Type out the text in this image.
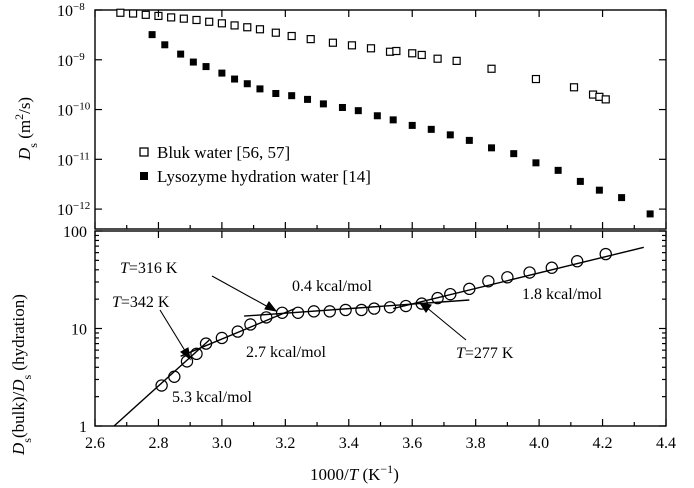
$10^{-8}$
$10^{-9}$
$10^{-10}$
$10^{-11}$
$10^{-12}$
$D_s$ $(m^2/s)$
Bluk water [56, 57]
Lysozyme hydration water [14]
1
10
100
2.6	2.8	3.0	3.2	3.4	3.6	3.8	4.0	4.2	4.4
$D_s(bulk)/D_s$ (hydration)
1000/T $(K^{-1})$
5.3 kcal/mol
2.7 kcal/mol
0.4 kcal/mol	1.8 kcal/mol
T=316 K
T=342 K
T=277 K
